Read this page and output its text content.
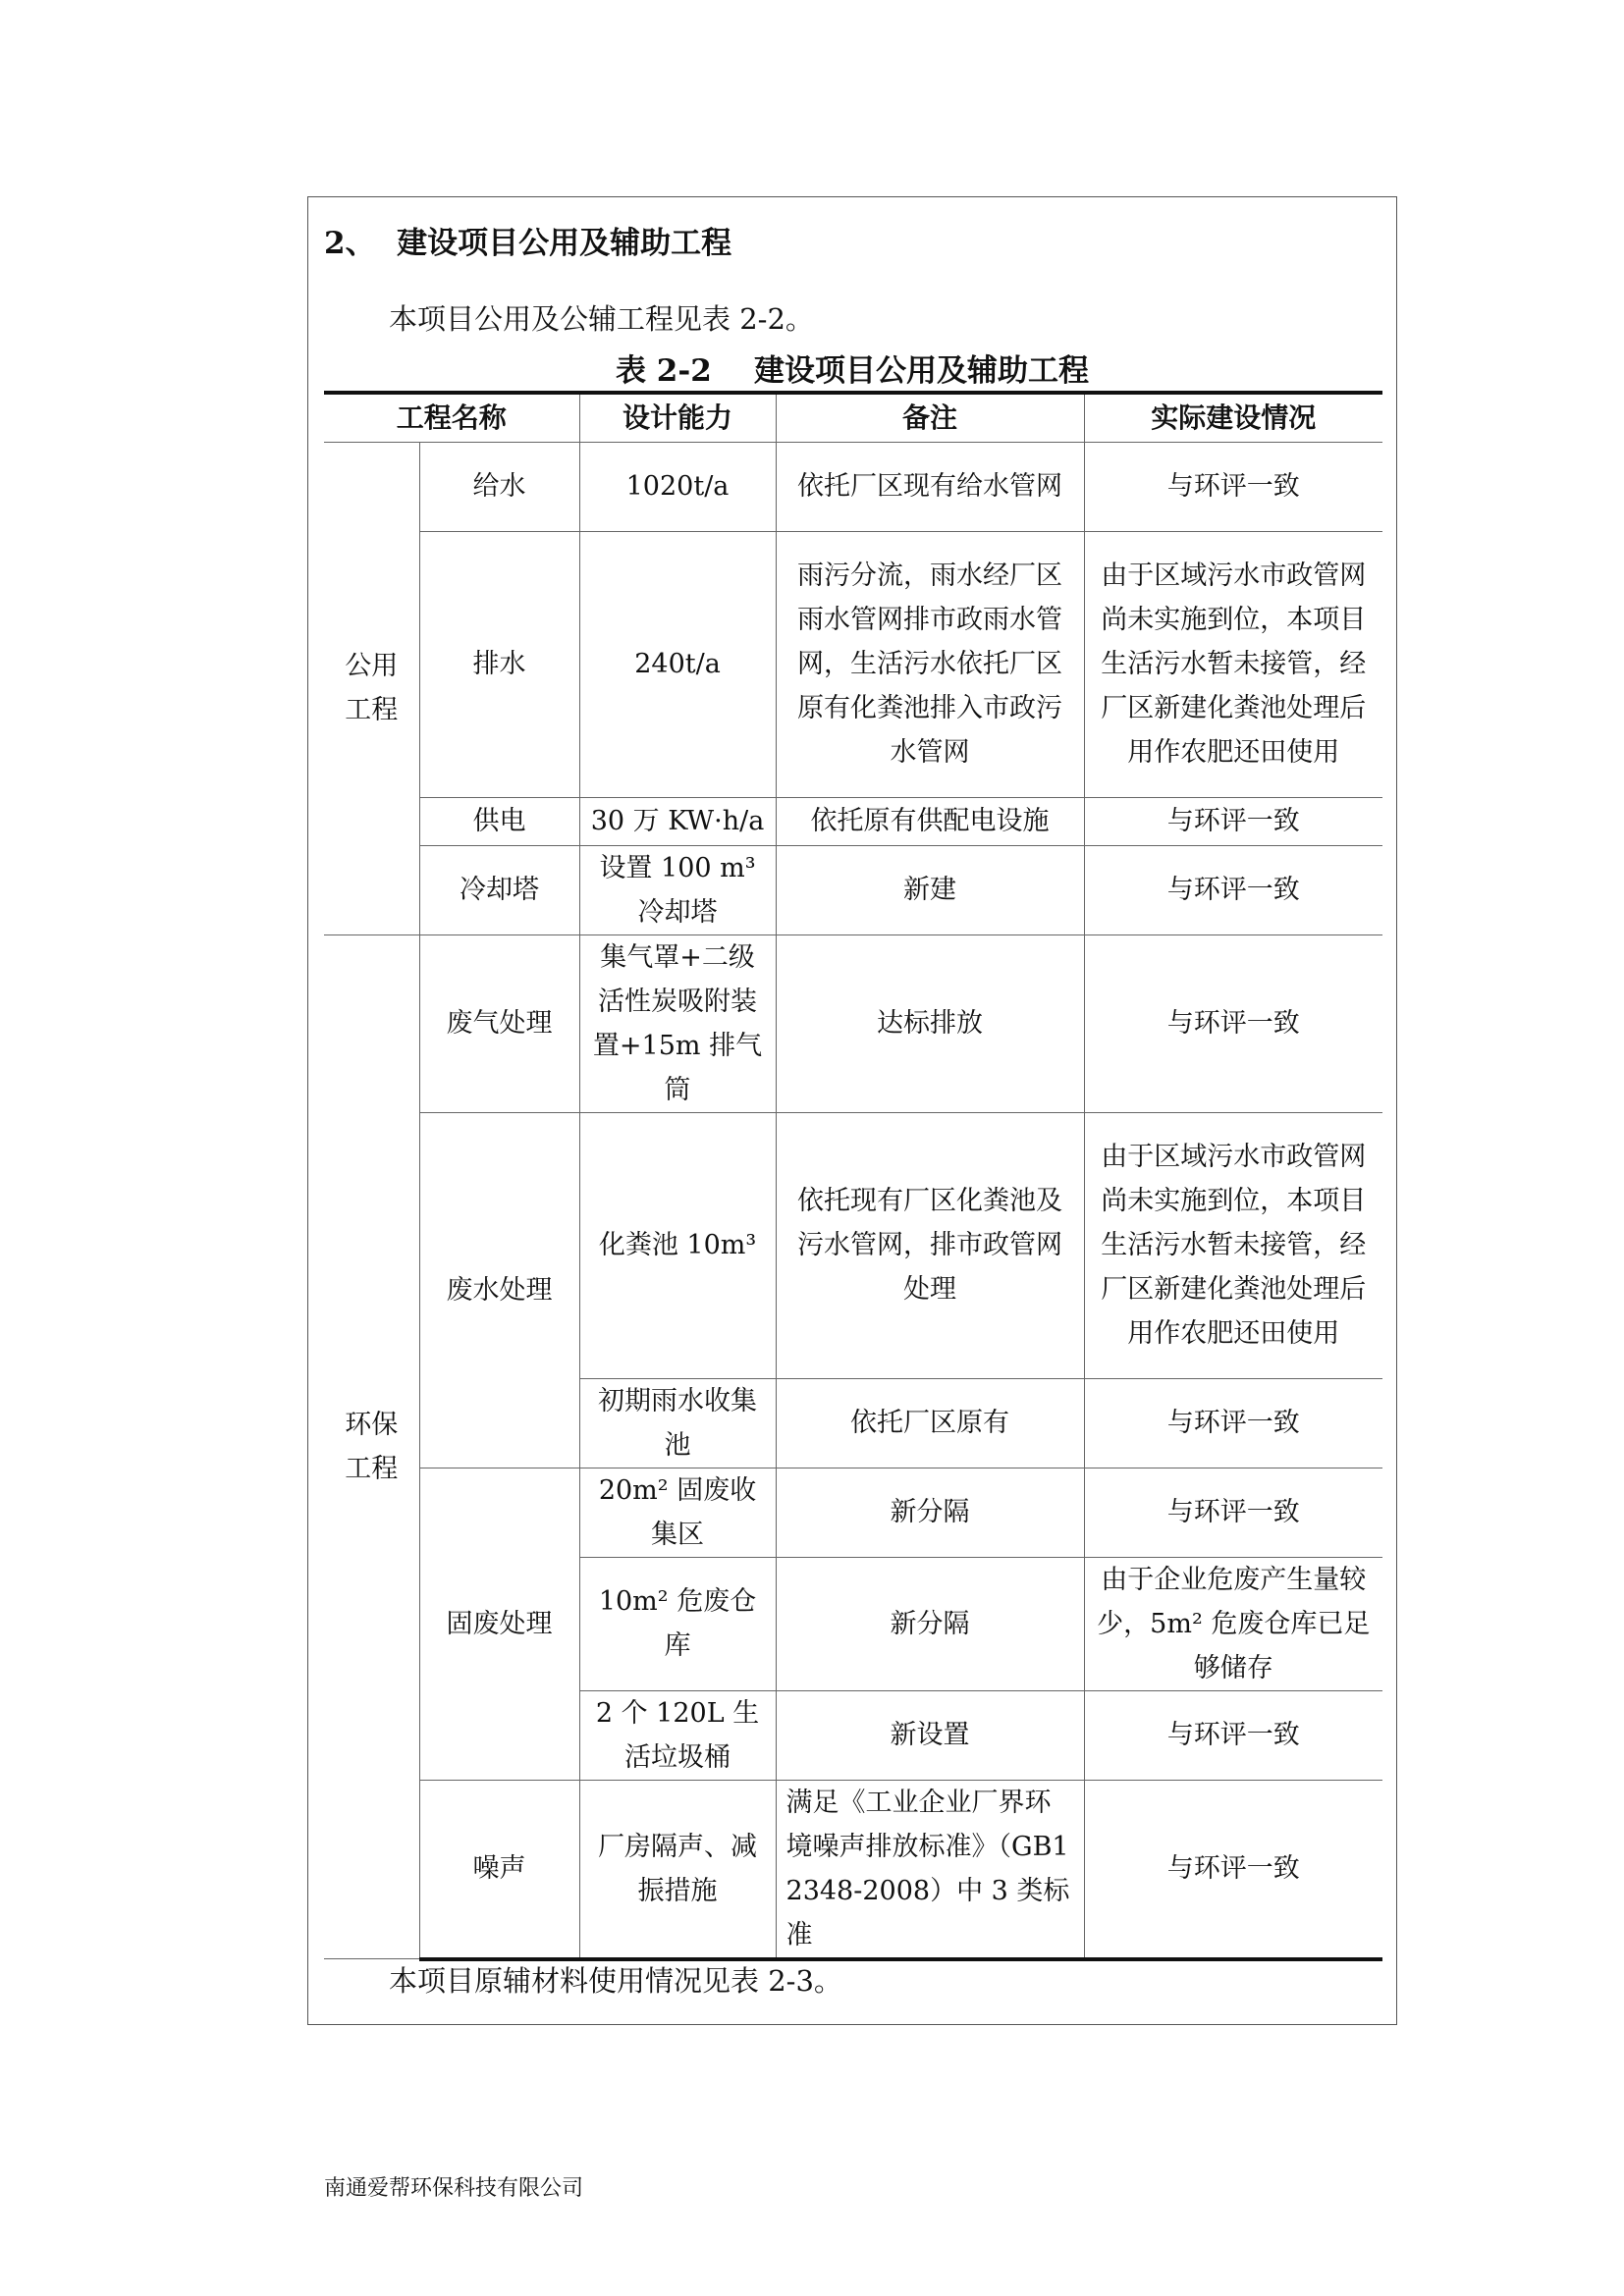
2、  建设项目公用及辅助工程
本项目公用及公辅工程见表 2-2。
表 2-2    建设项目公用及辅助工程
工程名称		设计能力	备注	实际建设情况
公用
工程	给水	1020t/a	依托厂区现有给水管网	与环评一致
	排水	240t/a	雨污分流，雨水经厂区雨水管网排市政雨水管网，生活污水依托厂区原有化粪池排入市政污水管网	由于区域污水市政管网尚未实施到位，本项目生活污水暂未接管，经厂区新建化粪池处理后用作农肥还田使用
	供电	30 万 KW·h/a	依托原有供配电设施	与环评一致
	冷却塔	设置 100 m³冷却塔	新建	与环评一致
环保
工程	废气处理	集气罩+二级活性炭吸附装置+15m 排气筒	达标排放	与环评一致
	废水处理	化粪池 10m³	依托现有厂区化粪池及污水管网，排市政管网处理	由于区域污水市政管网尚未实施到位，本项目生活污水暂未接管，经厂区新建化粪池处理后用作农肥还田使用
		初期雨水收集池	依托厂区原有	与环评一致
	固废处理	20m² 固废收集区	新分隔	与环评一致
		10m² 危废仓库	新分隔	由于企业危废产生量较少，5m² 危废仓库已足够储存
		2 个 120L 生活垃圾桶	新设置	与环评一致
	噪声	厂房隔声、减振措施	满足《工业企业厂界环境噪声排放标准》（GB12348-2008）中 3 类标准	与环评一致
本项目原辅材料使用情况见表 2-3。
南通爱帮环保科技有限公司
